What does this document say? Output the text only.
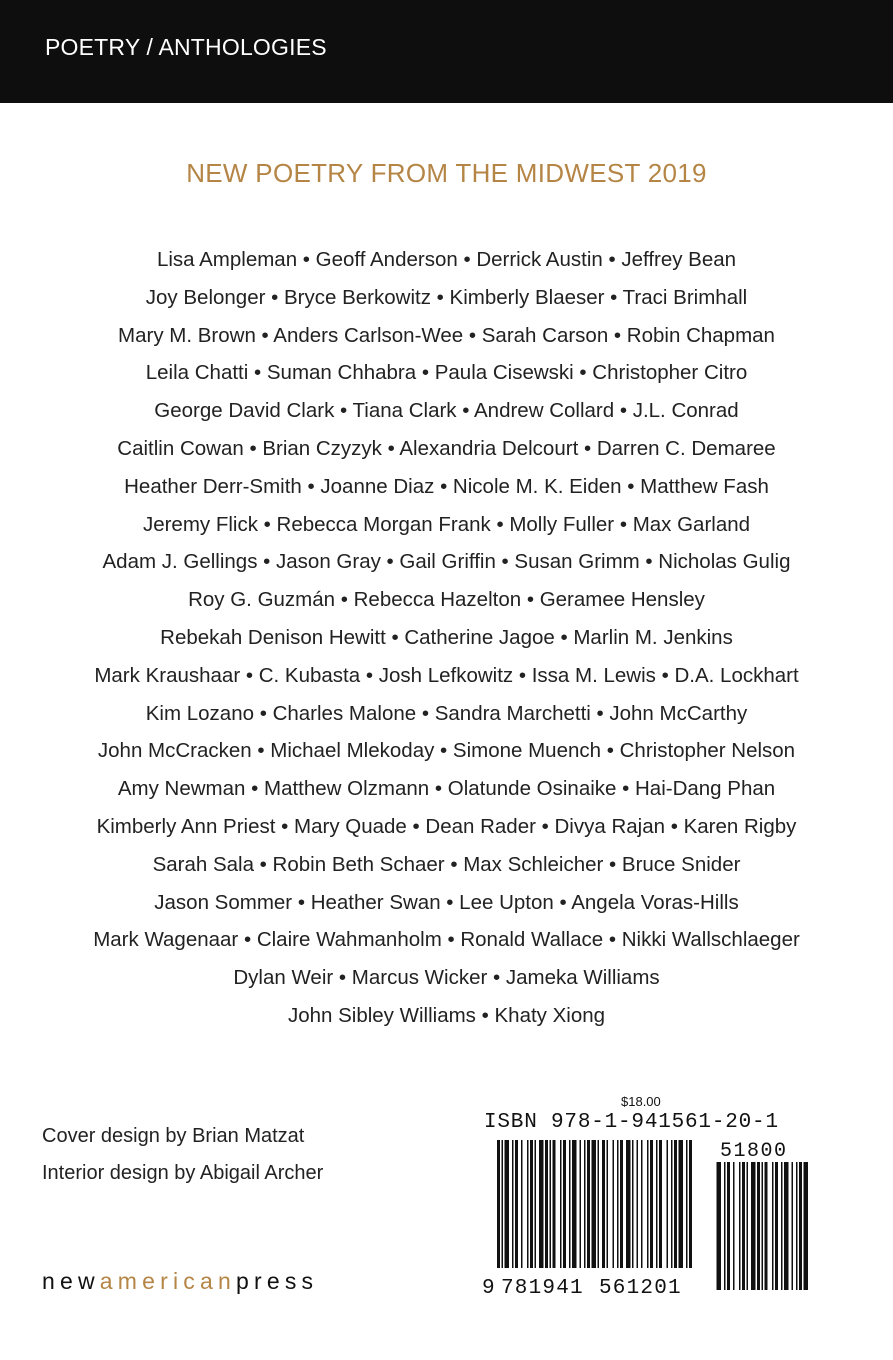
POETRY / ANTHOLOGIES
NEW POETRY FROM THE MIDWEST 2019
Lisa Ampleman • Geoff Anderson • Derrick Austin • Jeffrey Bean
Joy Belonger • Bryce Berkowitz • Kimberly Blaeser • Traci Brimhall
Mary M. Brown • Anders Carlson-Wee • Sarah Carson • Robin Chapman
Leila Chatti • Suman Chhabra • Paula Cisewski • Christopher Citro
George David Clark • Tiana Clark • Andrew Collard • J.L. Conrad
Caitlin Cowan • Brian Czyzyk • Alexandria Delcourt • Darren C. Demaree
Heather Derr-Smith • Joanne Diaz • Nicole M. K. Eiden • Matthew Fash
Jeremy Flick • Rebecca Morgan Frank • Molly Fuller • Max Garland
Adam J. Gellings • Jason Gray • Gail Griffin • Susan Grimm • Nicholas Gulig
Roy G. Guzmán • Rebecca Hazelton • Geramee Hensley
Rebekah Denison Hewitt • Catherine Jagoe • Marlin M. Jenkins
Mark Kraushaar • C. Kubasta • Josh Lefkowitz • Issa M. Lewis • D.A. Lockhart
Kim Lozano • Charles Malone • Sandra Marchetti • John McCarthy
John McCracken • Michael Mlekoday • Simone Muench • Christopher Nelson
Amy Newman • Matthew Olzmann • Olatunde Osinaike • Hai-Dang Phan
Kimberly Ann Priest • Mary Quade • Dean Rader • Divya Rajan • Karen Rigby
Sarah Sala • Robin Beth Schaer • Max Schleicher • Bruce Snider
Jason Sommer • Heather Swan • Lee Upton • Angela Voras-Hills
Mark Wagenaar • Claire Wahmanholm • Ronald Wallace • Nikki Wallschlaeger
Dylan Weir • Marcus Wicker • Jameka Williams
John Sibley Williams • Khaty Xiong
Cover design by Brian Matzat
Interior design by Abigail Archer
newamericanpress
$18.00
ISBN 978-1-941561-20-1
51800
9 781941 561201
